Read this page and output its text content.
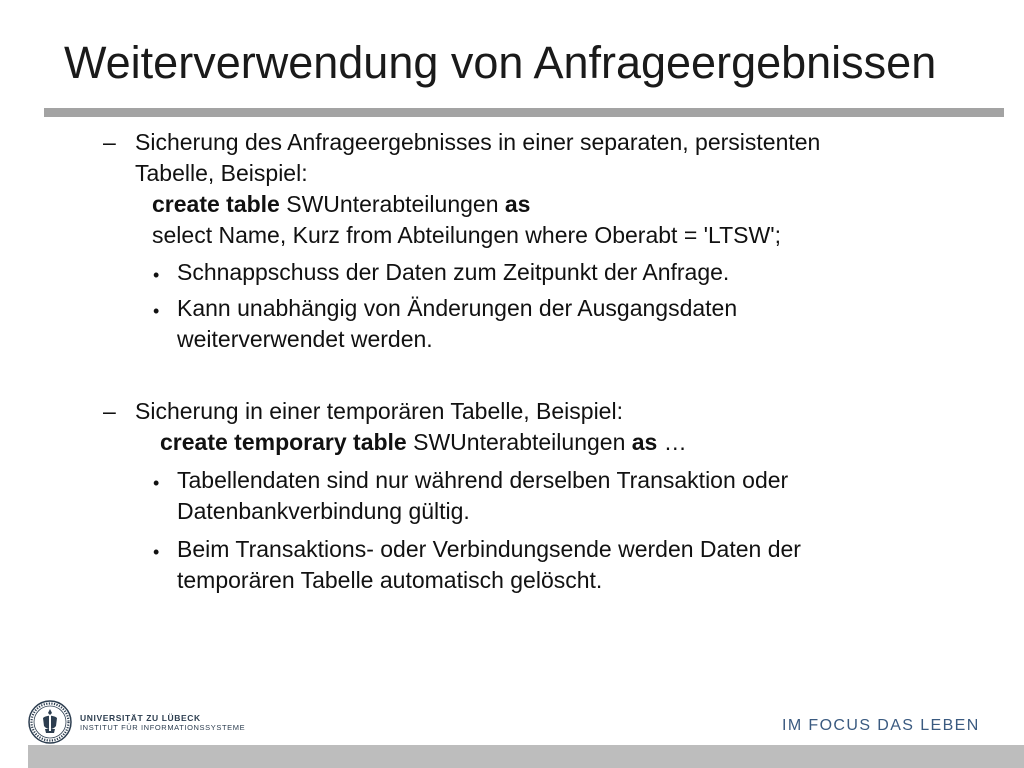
Weiterverwendung von Anfrageergebnissen
– Sicherung des Anfrageergebnisses in einer separaten, persistenten
Tabelle, Beispiel:
create table SWUnterabteilungen as
select Name, Kurz from Abteilungen where Oberabt = 'LTSW';
• Schnappschuss der Daten zum Zeitpunkt der Anfrage.
• Kann unabhängig von Änderungen der Ausgangsdaten
weiterverwendet werden.
– Sicherung in einer temporären Tabelle, Beispiel:
create temporary table SWUnterabteilungen as …
• Tabellendaten sind nur während derselben Transaktion oder
Datenbankverbindung gültig.
• Beim Transaktions- oder Verbindungsende werden Daten der
temporären Tabelle automatisch gelöscht.
UNIVERSITÄT ZU LÜBECK
INSTITUT FÜR INFORMATIONSSYSTEME	IM FOCUS DAS LEBEN
